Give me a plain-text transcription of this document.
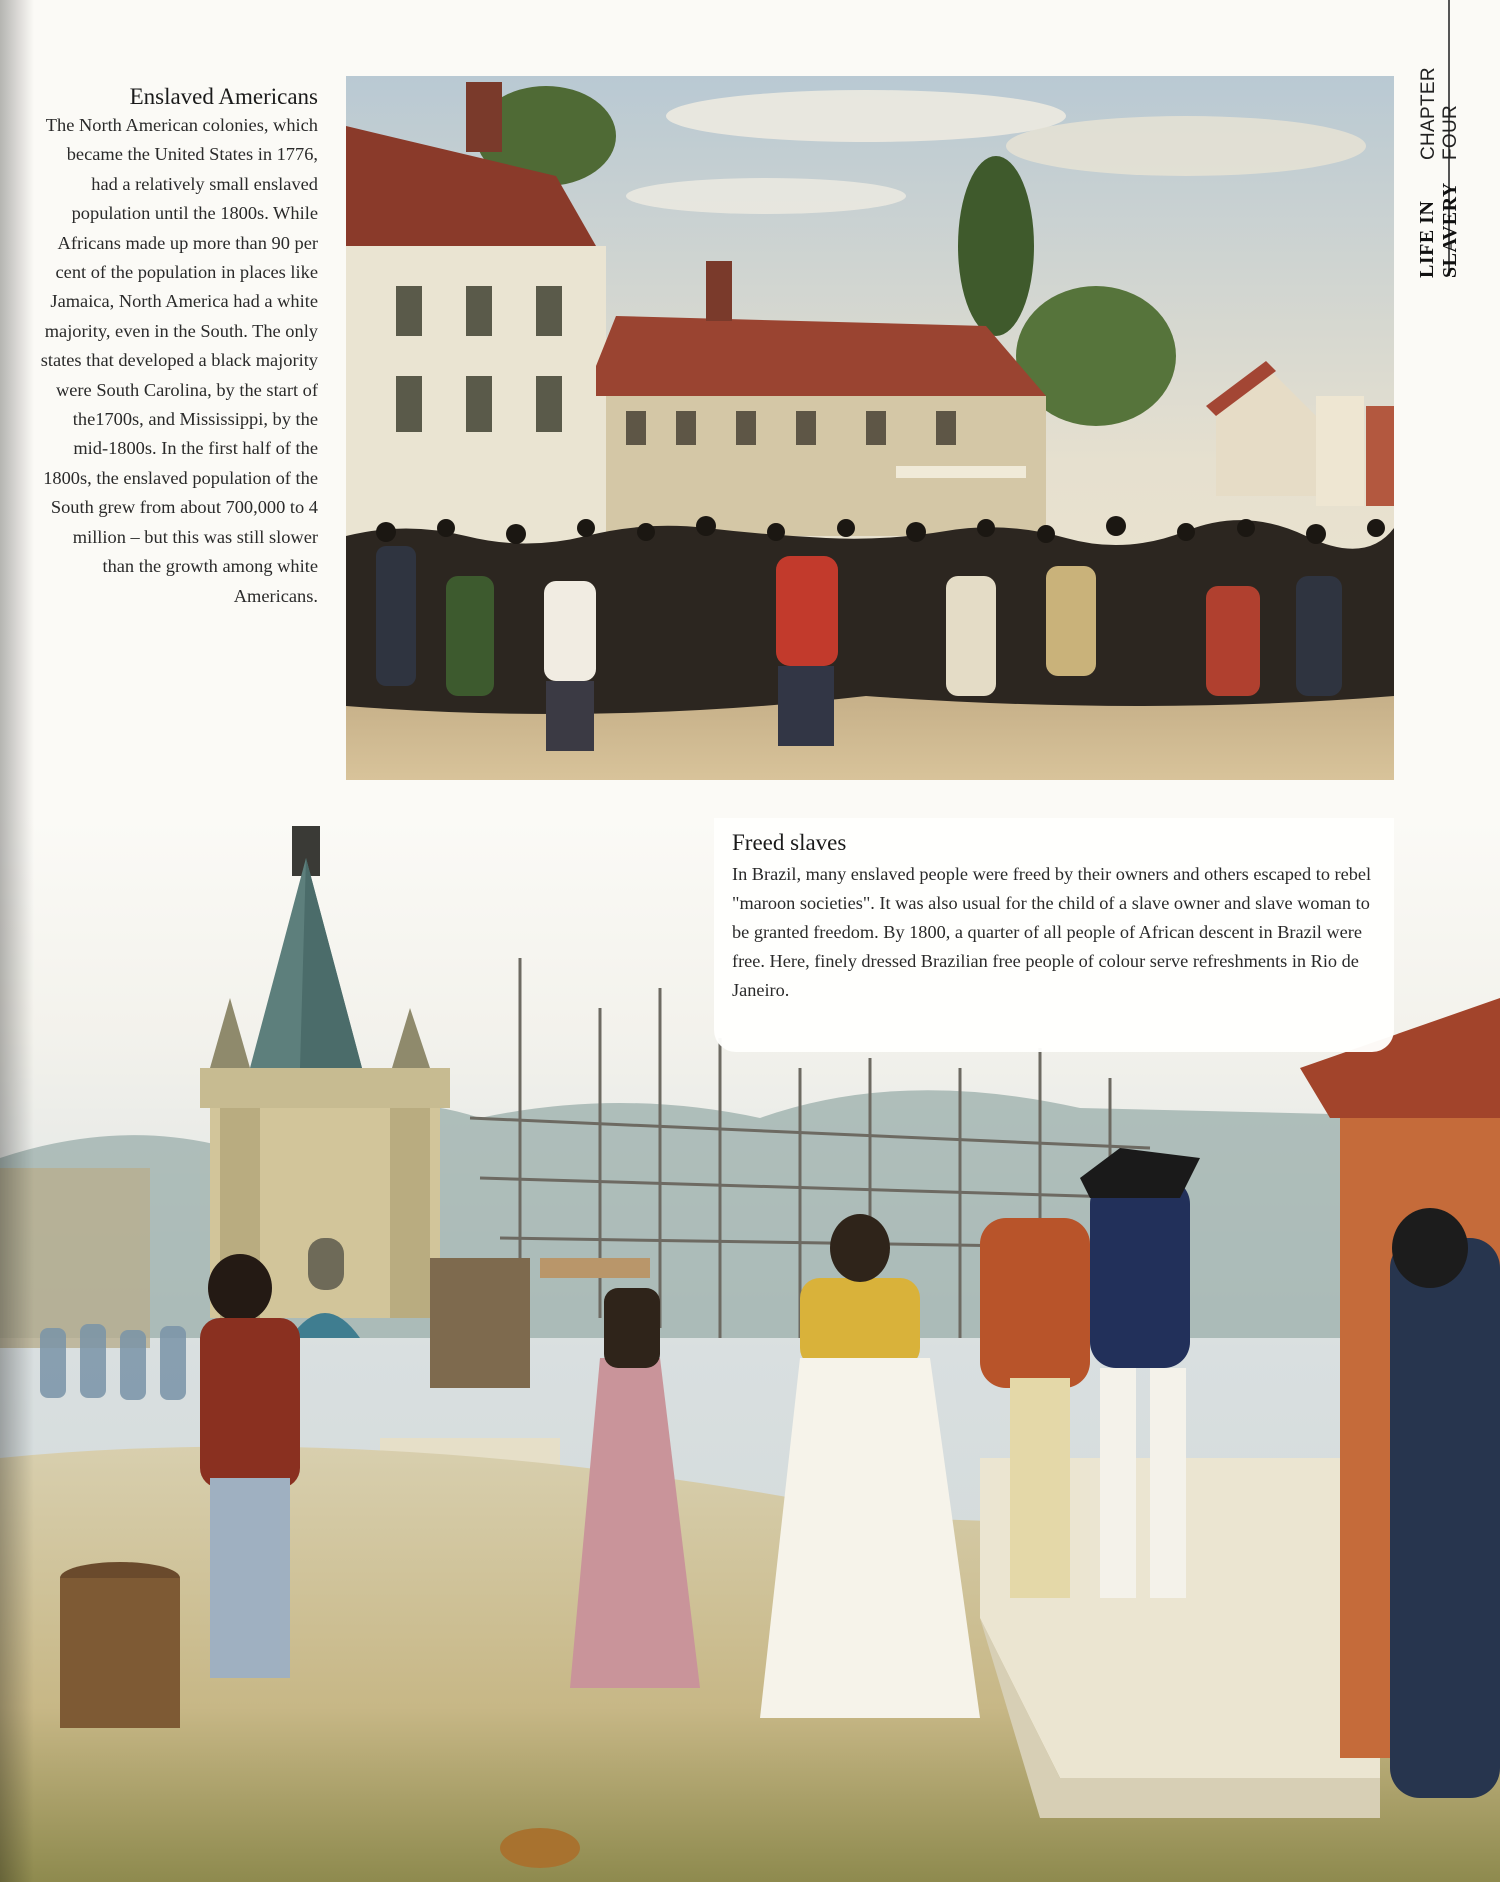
LIFE IN SLAVERY
CHAPTER FOUR
Enslaved Americans

The North American colonies, which became the United States in 1776, had a relatively small enslaved population until the 1800s. While Africans made up more than 90 per cent of the population in places like Jamaica, North America had a white majority, even in the South. The only states that developed a black majority were South Carolina, by the start of the1700s, and Mississippi, by the mid-1800s. In the first half of the 1800s, the enslaved population of the South grew from about 700,000 to 4 million – but this was still slower than the growth among white Americans.

Freed slaves

In Brazil, many enslaved people were freed by their owners and others escaped to rebel "maroon societies". It was also usual for the child of a slave owner and slave woman to be granted freedom. By 1800, a quarter of all people of African descent in Brazil were free. Here, finely dressed Brazilian free people of colour serve refreshments in Rio de Janeiro.
